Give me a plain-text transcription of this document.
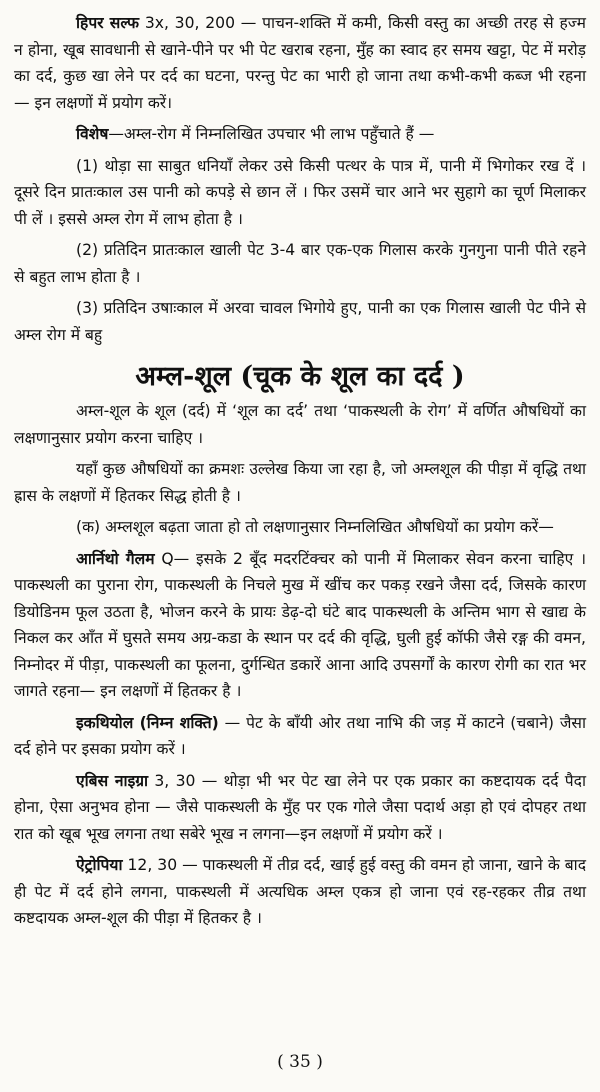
हिपर सल्फ 3x, 30, 200 — पाचन-शक्ति में कमी, किसी वस्तु का अच्छी तरह से हज्म न होना, खूब सावधानी से खाने-पीने पर भी पेट खराब रहना, मुँह का स्वाद हर समय खट्टा, पेट में मरोड़ का दर्द, कुछ खा लेने पर दर्द का घटना, परन्तु पेट का भारी हो जाना तथा कभी-कभी कब्ज भी रहना — इन लक्षणों में प्रयोग करें।

विशेष—अम्ल-रोग में निम्नलिखित उपचार भी लाभ पहुँचाते हैं —

(1) थोड़ा सा साबुत धनियाँ लेकर उसे किसी पत्थर के पात्र में, पानी में भिगोकर रख दें । दूसरे दिन प्रातःकाल उस पानी को कपड़े से छान लें । फिर उसमें चार आने भर सुहागे का चूर्ण मिलाकर पी लें । इससे अम्ल रोग में लाभ होता है ।

(2) प्रतिदिन प्रातःकाल खाली पेट 3-4 बार एक-एक गिलास करके गुनगुना पानी पीते रहने से बहुत लाभ होता है ।

(3) प्रतिदिन उषाःकाल में अरवा चावल भिगोये हुए, पानी का एक गिलास खाली पेट पीने से अम्ल रोग में बहु

अम्ल-शूल (चूक के शूल का दर्द )

अम्ल-शूल के शूल (दर्द) में ‘शूल का दर्द’ तथा ‘पाकस्थली के रोग’ में वर्णित औषधियों का लक्षणानुसार प्रयोग करना चाहिए ।

यहाँ कुछ औषधियों का क्रमशः उल्लेख किया जा रहा है, जो अम्लशूल की पीड़ा में वृद्धि तथा ह्रास के लक्षणों में हितकर सिद्ध होती है ।

(क) अम्लशूल बढ़ता जाता हो तो लक्षणानुसार निम्नलिखित औषधियों का प्रयोग करें—

आर्निथो गैलम Q— इसके 2 बूँद मदरटिंक्चर को पानी में मिलाकर सेवन करना चाहिए । पाकस्थली का पुराना रोग, पाकस्थली के निचले मुख में खींच कर पकड़ रखने जैसा दर्द, जिसके कारण डियोडिनम फूल उठता है, भोजन करने के प्रायः डेढ़-दो घंटे बाद पाकस्थली के अन्तिम भाग से खाद्य के निकल कर आँत में घुसते समय अग्र-कडा के स्थान पर दर्द की वृद्धि, घुली हुई कॉफी जैसे रङ्ग की वमन, निम्नोदर में पीड़ा, पाकस्थली का फूलना, दुर्गन्धित डकारें आना आदि उपसर्गों के कारण रोगी का रात भर जागते रहना— इन लक्षणों में हितकर है ।

इकथियोल (निम्न शक्ति) — पेट के बाँयी ओर तथा नाभि की जड़ में काटने (चबाने) जैसा दर्द होने पर इसका प्रयोग करें ।

एबिस नाइग्रा 3, 30 — थोड़ा भी भर पेट खा लेने पर एक प्रकार का कष्टदायक दर्द पैदा होना, ऐसा अनुभव होना — जैसे पाकस्थली के मुँह पर एक गोले जैसा पदार्थ अड़ा हो एवं दोपहर तथा रात को खूब भूख लगना तथा सबेरे भूख न लगना—इन लक्षणों में प्रयोग करें ।

ऐट्रोपिया 12, 30 — पाकस्थली में तीव्र दर्द, खाई हुई वस्तु की वमन हो जाना, खाने के बाद ही पेट में दर्द होने लगना, पाकस्थली में अत्यधिक अम्ल एकत्र हो जाना एवं रह-रहकर तीव्र तथा कष्टदायक अम्ल-शूल की पीड़ा में हितकर है ।

( 35 )
